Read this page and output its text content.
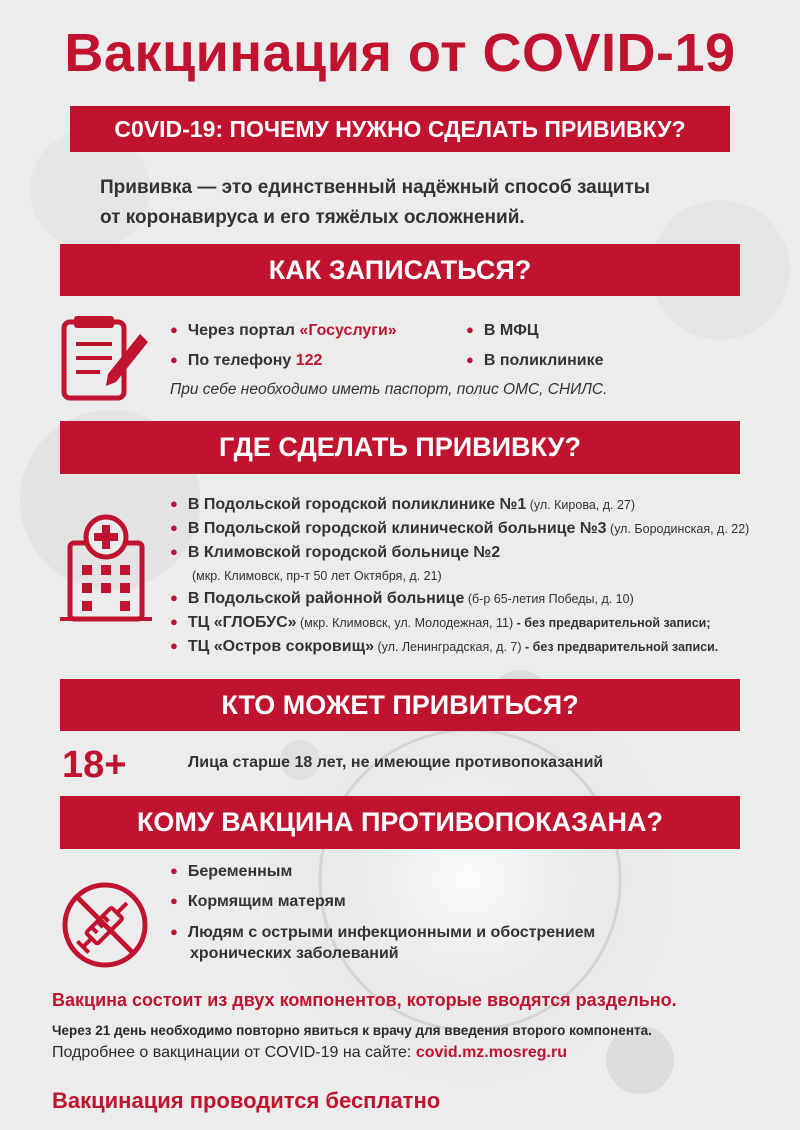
Вакцинация от COVID-19
C0VID-19: ПОЧЕМУ НУЖНО СДЕЛАТЬ ПРИВИВКУ?
Прививка — это единственный надёжный способ защиты
от коронавируса и его тяжёлых осложнений.
КАК ЗАПИСАТЬСЯ?
● Через портал «Госуслуги»
● По телефону 122
● В МФЦ
● В поликлинике
При себе необходимо иметь паспорт, полис ОМС, СНИЛС.
ГДЕ СДЕЛАТЬ ПРИВИВКУ?
● В Подольской городской поликлинике №1 (ул. Кирова, д. 27)
● В Подольской городской клинической больнице №3 (ул. Бородинская, д. 22)
● В Климовской городской больнице №2
(мкр. Климовск, пр-т 50 лет Октября, д. 21)
● В Подольской районной больнице (б-р 65-летия Победы, д. 10)
● ТЦ «ГЛОБУС» (мкр. Климовск, ул. Молодежная, 11) - без предварительной записи;
● ТЦ «Остров сокровищ» (ул. Ленинградская, д. 7) - без предварительной записи.
КТО МОЖЕТ ПРИВИТЬСЯ?
18+	Лица старше 18 лет, не имеющие противопоказаний
КОМУ ВАКЦИНА ПРОТИВОПОКАЗАНА?
● Беременным
● Кормящим матерям
● Людям с острыми инфекционными и обострением
хронических заболеваний
Вакцина состоит из двух компонентов, которые вводятся раздельно.
Через 21 день необходимо повторно явиться к врачу для введения второго компонента.
Подробнее о вакцинации от COVID-19 на сайте: covid.mz.mosreg.ru
Вакцинация проводится бесплатно
